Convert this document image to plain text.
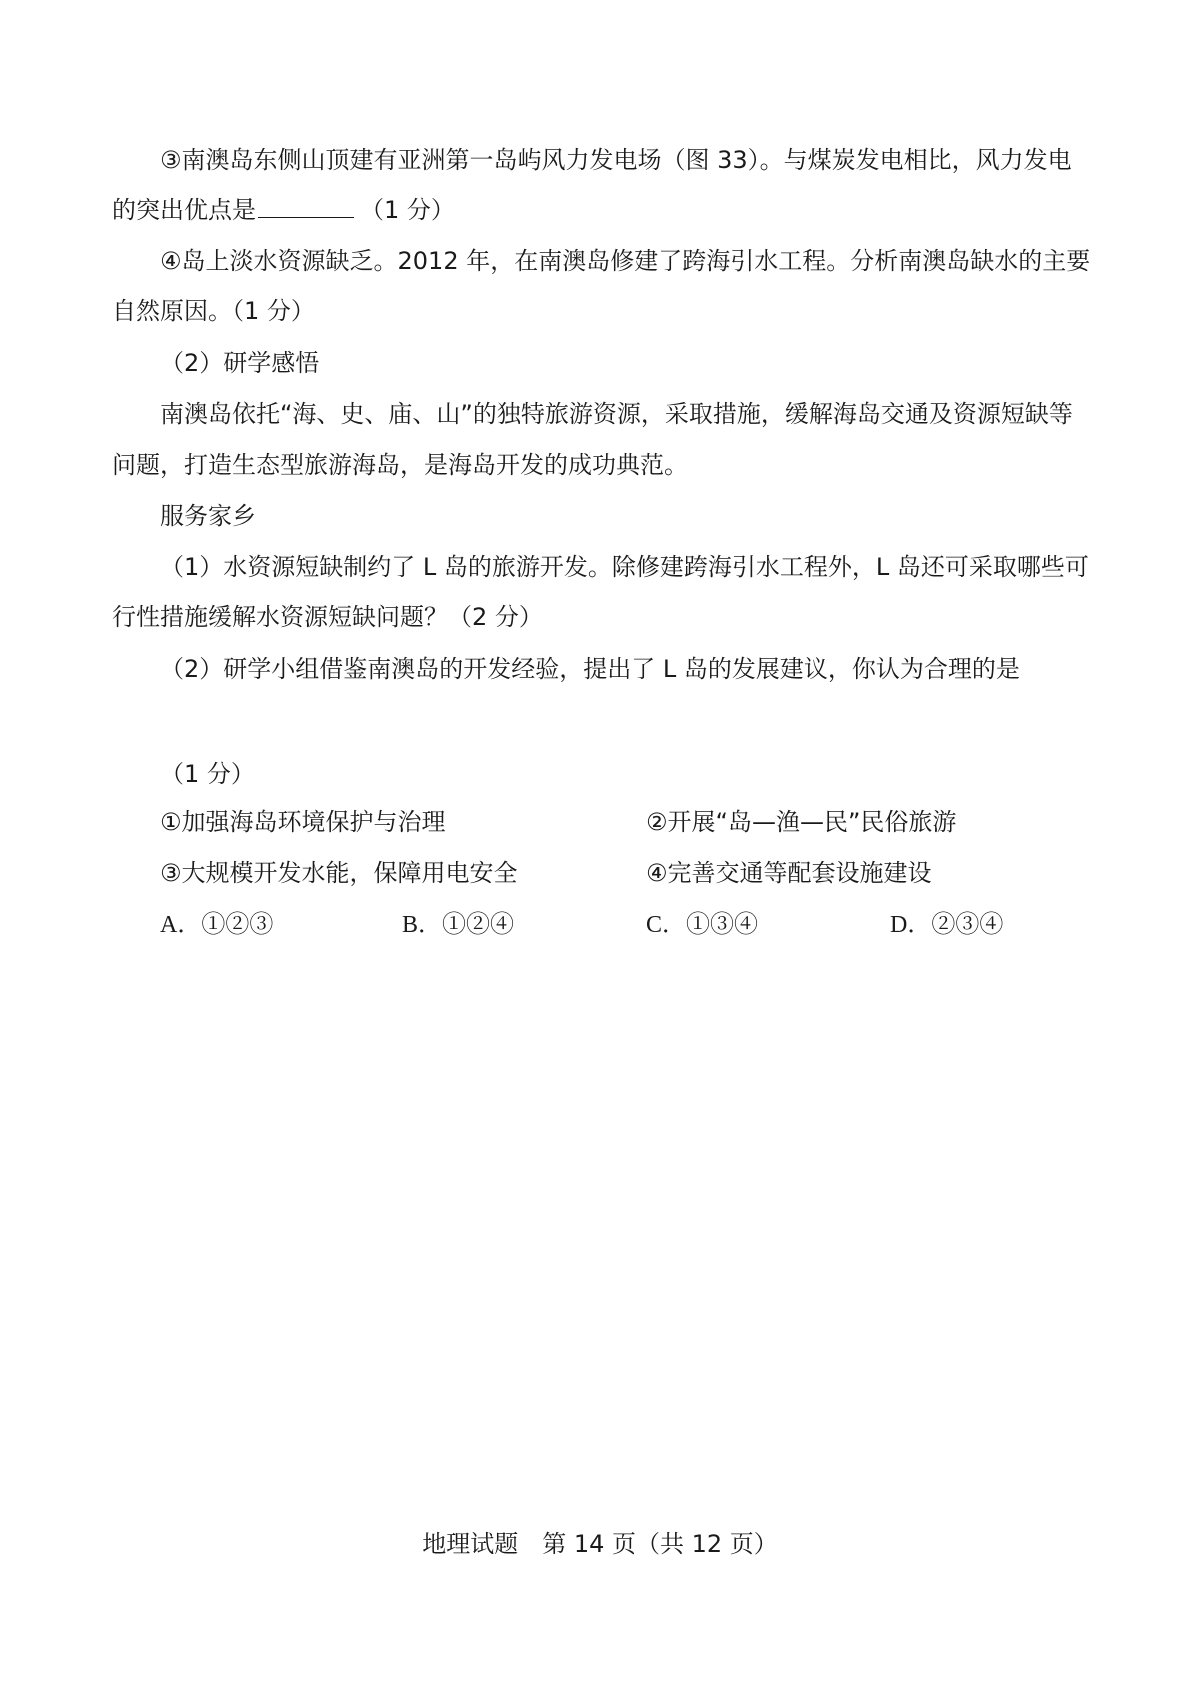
③南澳岛东侧山顶建有亚洲第一岛屿风力发电场（图 33）。与煤炭发电相比，风力发电
的突出优点是	（1 分）
④岛上淡水资源缺乏。2012 年，在南澳岛修建了跨海引水工程。分析南澳岛缺水的主要
自然原因。（1 分）
（2）研学感悟
南澳岛依托“海、史、庙、山”的独特旅游资源，采取措施，缓解海岛交通及资源短缺等
问题，打造生态型旅游海岛，是海岛开发的成功典范。
服务家乡
（1）水资源短缺制约了 L 岛的旅游开发。除修建跨海引水工程外，L 岛还可采取哪些可
行性措施缓解水资源短缺问题？（2 分）
（2）研学小组借鉴南澳岛的开发经验，提出了 L 岛的发展建议，你认为合理的是
（1 分）
①加强海岛环境保护与治理	②开展“岛—渔—民”民俗旅游
③大规模开发水能，保障用电安全	④完善交通等配套设施建设
A．①②③	B．①②④	C．①③④	D．②③④
地理试题　第 14 页（共 12 页）
